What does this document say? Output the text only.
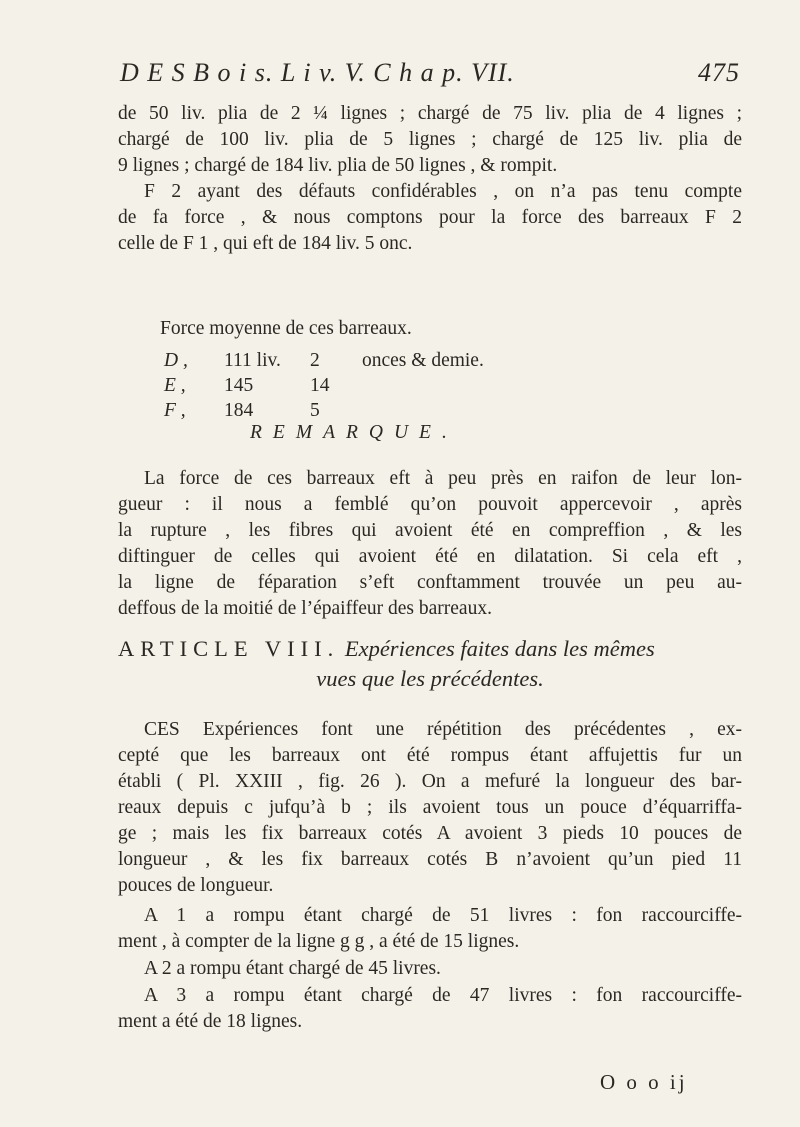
D E S B o i s. L i v. V. C h a p. VII.	475
de 50 liv. plia de 2 ¼ lignes ; chargé de 75 liv. plia de 4 lignes ;
chargé de 100 liv. plia de 5 lignes ; chargé de 125 liv. plia de
9 lignes ; chargé de 184 liv. plia de 50 lignes , & rompit.
F 2 ayant des défauts confidérables , on n’a pas tenu compte
de fa force , & nous comptons pour la force des barreaux F 2
celle de F 1 , qui eft de 184 liv. 5 onc.
Force moyenne de ces barreaux.
D ,	111 liv.	2	onces & demie.
E ,	145	14
F ,	184	5
REMARQUE.
La force de ces barreaux eft à peu près en raifon de leur lon-
gueur : il nous a femblé qu’on pouvoit appercevoir , après
la rupture , les fibres qui avoient été en compreffion , & les
diftinguer de celles qui avoient été en dilatation. Si cela eft ,
la ligne de féparation s’eft conftamment trouvée un peu au-
deffous de la moitié de l’épaiffeur des barreaux.
ARTICLE VIII. Expériences faites dans les mêmes
vues que les précédentes.
CES Expériences font une répétition des précédentes , ex-
cepté que les barreaux ont été rompus étant affujettis fur un
établi ( Pl. XXIII , fig. 26 ). On a mefuré la longueur des bar-
reaux depuis c jufqu’à b ; ils avoient tous un pouce d’équarriffa-
ge ; mais les fix barreaux cotés A avoient 3 pieds 10 pouces de
longueur , & les fix barreaux cotés B n’avoient qu’un pied 11
pouces de longueur.
A 1 a rompu étant chargé de 51 livres : fon raccourciffe-
ment , à compter de la ligne g g , a été de 15 lignes.
A 2 a rompu étant chargé de 45 livres.
A 3 a rompu étant chargé de 47 livres : fon raccourciffe-
ment a été de 18 lignes.
O o o ij
